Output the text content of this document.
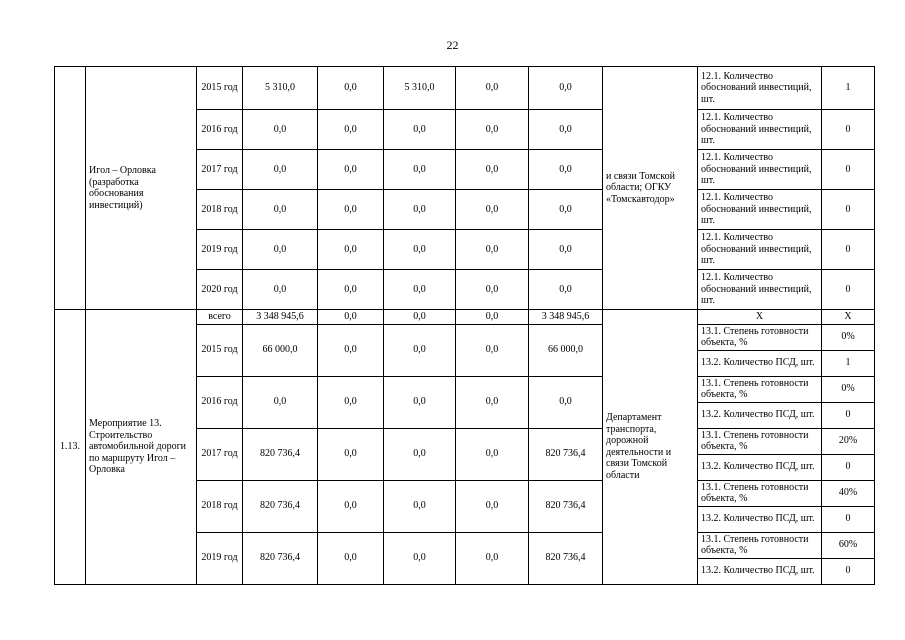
22
	Игол – Орловка (разработка обоснования инвестиций)	2015 год	5 310,0	0,0	5 310,0	0,0	0,0	и связи Томской области; ОГКУ «Томскавтодор»	12.1. Количество обоснований инвестиций, шт.	1
		2016 год	0,0	0,0	0,0	0,0	0,0		12.1. Количество обоснований инвестиций, шт.	0
		2017 год	0,0	0,0	0,0	0,0	0,0		12.1. Количество обоснований инвестиций, шт.	0
		2018 год	0,0	0,0	0,0	0,0	0,0		12.1. Количество обоснований инвестиций, шт.	0
		2019 год	0,0	0,0	0,0	0,0	0,0		12.1. Количество обоснований инвестиций, шт.	0
		2020 год	0,0	0,0	0,0	0,0	0,0		12.1. Количество обоснований инвестиций, шт.	0
1.13.	Мероприятие 13. Строительство автомобильной дороги по маршруту Игол – Орловка	всего	3 348 945,6	0,0	0,0	0,0	3 348 945,6	Департамент транспорта, дорожной деятельности и связи Томской области	X	X
		2015 год	66 000,0	0,0	0,0	0,0	66 000,0		13.1. Степень готовности объекта, %	0%
									13.2. Количество ПСД, шт.	1
		2016 год	0,0	0,0	0,0	0,0	0,0		13.1. Степень готовности объекта, %	0%
									13.2. Количество ПСД, шт.	0
		2017 год	820 736,4	0,0	0,0	0,0	820 736,4		13.1. Степень готовности объекта, %	20%
									13.2. Количество ПСД, шт.	0
		2018 год	820 736,4	0,0	0,0	0,0	820 736,4		13.1. Степень готовности объекта, %	40%
									13.2. Количество ПСД, шт.	0
		2019 год	820 736,4	0,0	0,0	0,0	820 736,4		13.1. Степень готовности объекта, %	60%
									13.2. Количество ПСД, шт.	0
